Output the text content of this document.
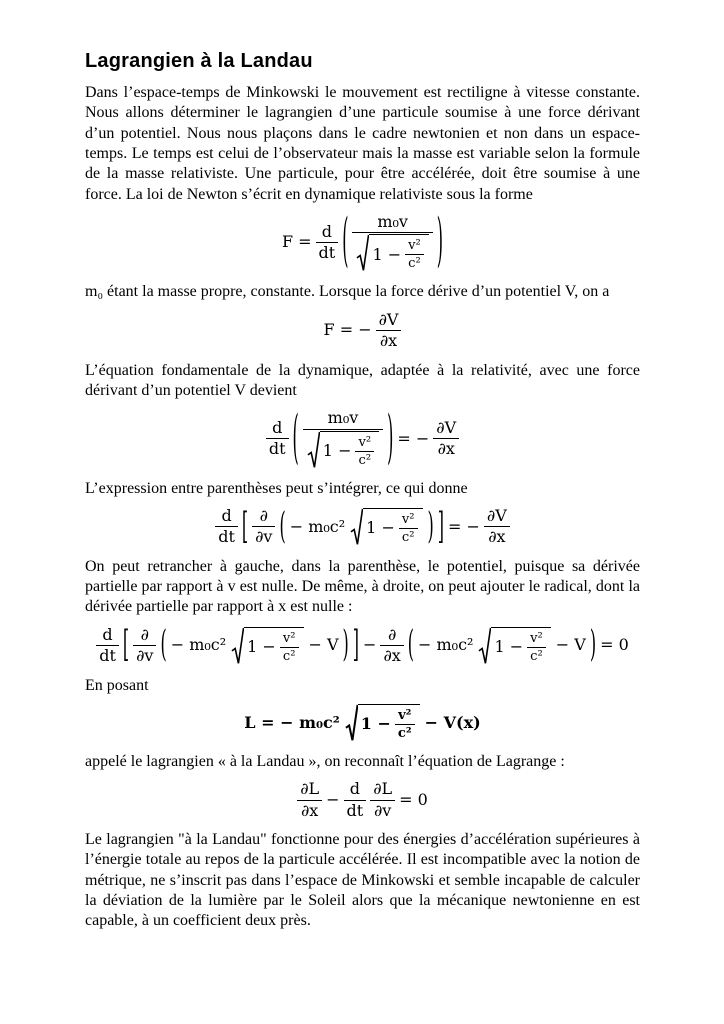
Lagrangien à la Landau

Dans l’espace-temps de Minkowski le mouvement est rectiligne à vitesse constante. Nous allons déterminer le lagrangien d’une particule soumise à une force dérivant d’un potentiel. Nous nous plaçons dans le cadre newtonien et non dans un espace-temps. Le temps est celui de l’observateur mais la masse est variable selon la formule de la masse relativiste. Une particule, pour être accélérée, doit être soumise à une force. La loi de Newton s’écrit en dynamique relativiste sous la forme

$F = \frac{d}{dt}$ ( $\frac{\text{m₀v}}{1 - \frac{\text{v²}}{\text{c²}}}$ )

m₀ étant la masse propre, constante. Lorsque la force dérive d’un potentiel V, on a

F = − $\frac{\partial V}{\partial x}$

L’équation fondamentale de la dynamique, adaptée à la relativité, avec une force dérivant d’un potentiel V devient

$\frac{d}{dt}$ ( $\frac{\text{m₀v}}{1 - \frac{\text{v²}}{\text{c²}}}$ ) = − $\frac{\partial V}{\partial x}$

L’expression entre parenthèses peut s’intégrer, ce qui donne

$\frac{d}{dt}$ [ $\frac{\partial}{\partial v}$ ( − m₀c² $1 - \frac{\text{v²}}{\text{c²}}$ ) ] = − $\frac{\partial V}{\partial x}$

On peut retrancher à gauche, dans la parenthèse, le potentiel, puisque sa dérivée partielle par rapport à v est nulle. De même, à droite, on peut ajouter le radical, dont la dérivée partielle par rapport à x est nulle :

$\frac{d}{dt}$ [ $\frac{\partial}{\partial v}$ ( − m₀c² $1 - \frac{\text{v²}}{\text{c²}} - V$ ) ] − $\frac{\partial}{\partial x}$ ( − m₀c² $1 - \frac{\text{v²}}{\text{c²}} - V$ ) = 0

En posant

L = − m₀c² $1 - \frac{\text{v²}}{\text{c²}} - V(x)$

appelé le lagrangien « à la Landau », on reconnaît l’équation de Lagrange :

$\frac{\partial L}{\partial x} - \frac{d}{dt} \frac{\partial L}{\partial v} = 0$

Le lagrangien "à la Landau" fonctionne pour des énergies d’accélération supérieures à l’énergie totale au repos de la particule accélérée. Il est incompatible avec la notion de métrique, ne s’inscrit pas dans l’espace de Minkowski et semble incapable de calculer la déviation de la lumière par le Soleil alors que la mécanique newtonienne en est capable, à un coefficient deux près.
